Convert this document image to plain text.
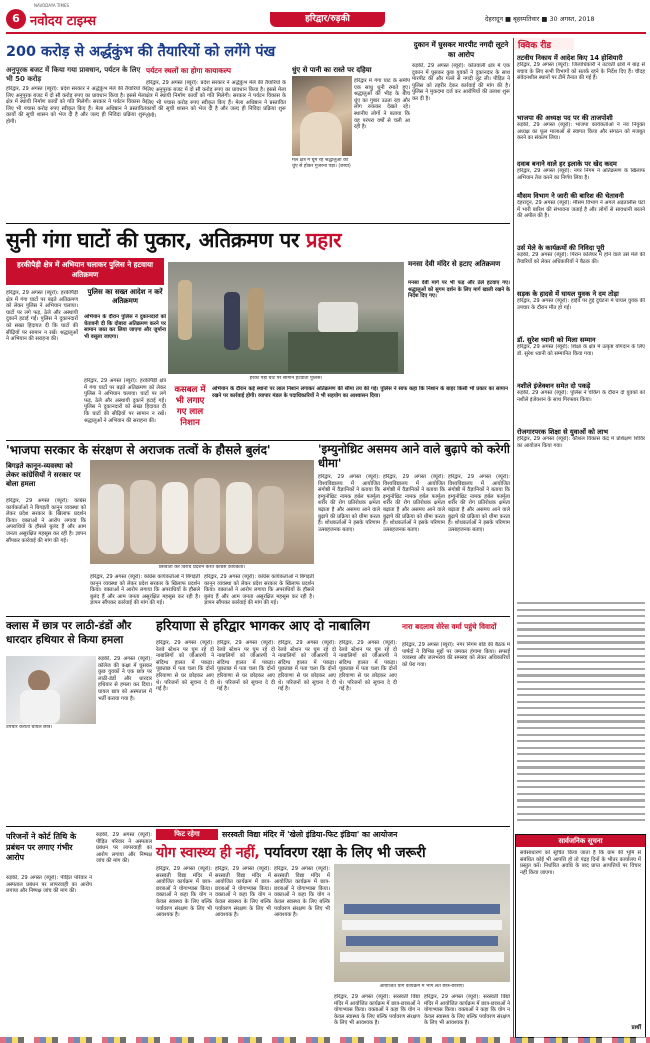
6 नवोदय टाइम्स
NAVODAYA TIMES
हरिद्वार/रुड़की	देहरादून ■ बृहस्पतिवार ■ 30 अगस्त, 2018
200 करोड़ से अर्द्धकुंभ की तैयारियों को लगेंगे पंख
अनुपूरक बजट में किया गया प्रावधान, पर्यटन के लिए भी 50 करोड़
पर्यटन स्थलों का होगा कायाकल्प
हरिद्वार, 29 अगस्त (ब्यूरो): प्रदेश सरकार ने अर्द्धकुंभ मेले की तैयारियों के लिए अनुपूरक बजट में दो सौ करोड़ रुपए का प्रावधान किया है। इससे मेला क्षेत्र में स्थायी निर्माण कार्यों को गति मिलेगी। सरकार ने पर्यटन विकास के लिए भी पचास करोड़ रुपए स्वीकृत किए हैं। मेला अधिष्ठान ने प्रस्तावित कार्यों की सूची शासन को भेज दी है और जल्द ही निविदा प्रक्रिया शुरू होगी।
हरिद्वार, 29 अगस्त (ब्यूरो): प्रदेश सरकार ने अर्द्धकुंभ मेले की तैयारियों के लिए अनुपूरक बजट में दो सौ करोड़ रुपए का प्रावधान किया है। इससे मेला क्षेत्र में स्थायी निर्माण कार्यों को गति मिलेगी। सरकार ने पर्यटन विकास के लिए भी पचास करोड़ रुपए स्वीकृत किए हैं। मेला अधिष्ठान ने प्रस्तावित कार्यों की सूची शासन को भेज दी है और जल्द ही निविदा प्रक्रिया शुरू होगी।
धुंए से पानी का रास्ते पर दहिया
हरिद्वार में गंगा घाट के समीप एक साधु धूनी रमाते हुए। श्रद्धालुओं की भीड़ के बीच धुंए का गुबार उठता रहा और लोग रुककर देखते रहे। स्थानीय लोगों ने बताया कि यह परंपरा वर्षों से चली आ रही है।
मेले क्षेत्र में घूम रहे श्रद्धालुओं को धुंए से होकर गुजरना पड़ा। (छाया)
दुकान में घुसकर मारपीट नगदी लूटने का आरोप
रुड़की, 29 अगस्त (ब्यूरो): कोतवाली क्षेत्र में एक दुकान में घुसकर कुछ युवकों ने दुकानदार के साथ मारपीट की और गल्ले से नगदी लूट ली। पीड़ित ने पुलिस को तहरीर देकर कार्रवाई की मांग की है। पुलिस ने मुकदमा दर्ज कर आरोपियों की तलाश शुरू कर दी है।
क्विक रीड
तटवीय निकाय में आदेश किए 14 होशियारी
हरिद्वार, 29 अगस्त (ब्यूरो): जिलाधिकारी ने तटवर्ती क्षेत्रों में बाढ़ से बचाव के लिए सभी विभागों को सतर्क रहने के निर्देश दिए हैं। चौदह संवेदनशील स्थानों पर टीमें तैनात की गई हैं।
भाजपा की अध्यक्ष पद पर की ताजपोशी
रुड़की, 29 अगस्त (ब्यूरो): भाजपा कार्यकर्ताओं ने नव नियुक्त अध्यक्ष का फूल मालाओं से स्वागत किया और संगठन को मजबूत करने का संकल्प लिया।
दवाब बनाने वाले हर इलाके पर खेद कदम
हरिद्वार, 29 अगस्त (ब्यूरो): नगर निगम ने अतिक्रमण के खिलाफ अभियान तेज करने का निर्णय लिया है।
मौसम विभाग ने जारी की बारिश की चेतावनी
देहरादून, 29 अगस्त (ब्यूरो): मौसम विभाग ने अगले अड़तालीस घंटों में भारी बारिश की संभावना जताई है और लोगों से सावधानी बरतने की अपील की है।
उर्स मेले के कार्यक्रमों की निविदा पूरी
रुड़की, 29 अगस्त (ब्यूरो): पिरान कलियर में होने वाले उर्स मेले की तैयारियों को लेकर अधिकारियों ने बैठक की।
सड़क के हादसे में घायल युवक ने दम तोड़ा
हरिद्वार, 29 अगस्त (ब्यूरो): हाईवे पर हुई दुर्घटना में घायल युवक की उपचार के दौरान मौत हो गई।
डॉ. सुरेश ध्यानी को मिला सम्मान
हरिद्वार, 29 अगस्त (ब्यूरो): शिक्षा के क्षेत्र में उत्कृष्ट योगदान के लिए डॉ. सुरेश ध्यानी को सम्मानित किया गया।
नशीले इंजेक्शन समेत दो पकड़े
रुड़की, 29 अगस्त (ब्यूरो): पुलिस ने चेकिंग के दौरान दो युवकों को नशीले इंजेक्शन के साथ गिरफ्तार किया।
रोजगारपरक शिक्षा से युवाओं को लाभ
हरिद्वार, 29 अगस्त (ब्यूरो): कौशल विकास केंद्र में प्रशिक्षण शिविर का आयोजन किया गया।
सुनी गंगा घाटों की पुकार, अतिक्रमण पर प्रहार
हरकीपैड़ी क्षेत्र में अभियान चलाकर पुलिस ने हटवाया अतिक्रमण
हरिद्वार, 29 अगस्त (ब्यूरो): हरकीपैड़ी क्षेत्र में गंगा घाटों पर बढ़ते अतिक्रमण को लेकर पुलिस ने अभियान चलाया। घाटों पर लगे फड़, ठेले और अस्थायी दुकानें हटाई गईं। पुलिस ने दुकानदारों को सख्त हिदायत दी कि घाटों की सीढ़ियों पर सामान न रखें। श्रद्धालुओं ने अभियान की सराहना की।
पुलिस का सख्त आदेश न करें अतिक्रमण
अभियान के दौरान पुलिस ने दुकानदारों को चेतावनी दी कि दोबारा अतिक्रमण करने पर सामान जब्त कर लिया जाएगा और जुर्माना भी वसूला जाएगा।
हरिद्वार, 29 अगस्त (ब्यूरो): हरकीपैड़ी क्षेत्र में गंगा घाटों पर बढ़ते अतिक्रमण को लेकर पुलिस ने अभियान चलाया। घाटों पर लगे फड़, ठेले और अस्थायी दुकानें हटाई गईं। पुलिस ने दुकानदारों को सख्त हिदायत दी कि घाटों की सीढ़ियों पर सामान न रखें। श्रद्धालुओं ने अभियान की सराहना की।
हरकी पैड़ी घाट पर सामान हटवाती पुलिस।
मनसा देवी मंदिर से हटाए अतिक्रमण
मनसा देवी मार्ग पर भी फड़ और ठेले हटवाए गए। श्रद्धालुओं को सुगम दर्शन के लिए मार्ग खाली रखने के निर्देश दिए गए।
कसबल में भी लगाए गए लाल निशान
अभियान के दौरान कई स्थानों पर लाल निशान लगाकर अतिक्रमण की सीमा तय की गई। पुलिस ने साफ कहा कि निशान के बाहर किसी भी प्रकार का सामान रखने पर कार्रवाई होगी। व्यापार मंडल के पदाधिकारियों ने भी सहयोग का आश्वासन दिया।
'भाजपा सरकार के संरक्षण से अराजक तत्वों के हौसले बुलंद'
बिगड़ते कानून-व्यवस्था को लेकर कांग्रेसियों ने सरकार पर बोला हमला
हरिद्वार, 29 अगस्त (ब्यूरो): कांग्रेस कार्यकर्ताओं ने बिगड़ती कानून व्यवस्था को लेकर प्रदेश सरकार के खिलाफ प्रदर्शन किया। वक्ताओं ने आरोप लगाया कि अपराधियों के हौसले बुलंद हैं और आम जनता असुरक्षित महसूस कर रही है। ज्ञापन सौंपकर कार्रवाई की मांग की गई।
प्रेसवार्ता कर विरोध प्रदर्शन करते कांग्रेस कार्यकर्ता।
हरिद्वार, 29 अगस्त (ब्यूरो): कांग्रेस कार्यकर्ताओं ने बिगड़ती कानून व्यवस्था को लेकर प्रदेश सरकार के खिलाफ प्रदर्शन किया। वक्ताओं ने आरोप लगाया कि अपराधियों के हौसले बुलंद हैं और आम जनता असुरक्षित महसूस कर रही है। ज्ञापन सौंपकर कार्रवाई की मांग की गई।
हरिद्वार, 29 अगस्त (ब्यूरो): कांग्रेस कार्यकर्ताओं ने बिगड़ती कानून व्यवस्था को लेकर प्रदेश सरकार के खिलाफ प्रदर्शन किया। वक्ताओं ने आरोप लगाया कि अपराधियों के हौसले बुलंद हैं और आम जनता असुरक्षित महसूस कर रही है। ज्ञापन सौंपकर कार्रवाई की मांग की गई।
'इम्युनोथ्रिट असमय आने वाले बुढ़ापे को करेगी धीमा'
हरिद्वार, 29 अगस्त (ब्यूरो): विश्वविद्यालय में आयोजित संगोष्ठी में वैज्ञानिकों ने बताया कि इम्युनोथ्रिट नामक हर्बल फार्मूला शरीर की रोग प्रतिरोधक क्षमता बढ़ाता है और असमय आने वाले बुढ़ापे की प्रक्रिया को धीमा करता है। शोधकर्ताओं ने इसके परिणाम उत्साहजनक बताए।
हरिद्वार, 29 अगस्त (ब्यूरो): विश्वविद्यालय में आयोजित संगोष्ठी में वैज्ञानिकों ने बताया कि इम्युनोथ्रिट नामक हर्बल फार्मूला शरीर की रोग प्रतिरोधक क्षमता बढ़ाता है और असमय आने वाले बुढ़ापे की प्रक्रिया को धीमा करता है। शोधकर्ताओं ने इसके परिणाम उत्साहजनक बताए।
हरिद्वार, 29 अगस्त (ब्यूरो): विश्वविद्यालय में आयोजित संगोष्ठी में वैज्ञानिकों ने बताया कि इम्युनोथ्रिट नामक हर्बल फार्मूला शरीर की रोग प्रतिरोधक क्षमता बढ़ाता है और असमय आने वाले बुढ़ापे की प्रक्रिया को धीमा करता है। शोधकर्ताओं ने इसके परिणाम उत्साहजनक बताए।
क्लास में छात्र पर लाठी-डंडों और धारदार हथियार से किया हमला
उपचार कराता घायल छात्र।
रुड़की, 29 अगस्त (ब्यूरो): कॉलेज की कक्षा में घुसकर कुछ युवकों ने एक छात्र पर लाठी-डंडों और धारदार हथियार से हमला कर दिया। घायल छात्र को अस्पताल में भर्ती कराया गया है।
हरियाणा से हरिद्वार भागकर आए दो नाबालिग
हरिद्वार, 29 अगस्त (ब्यूरो): रेलवे स्टेशन पर घूम रहे दो नाबालिगों को जीआरपी ने संदिग्ध हालत में पकड़ा। पूछताछ में पता चला कि दोनों हरियाणा से घर छोड़कर आए थे। परिजनों को सूचना दे दी गई है।
हरिद्वार, 29 अगस्त (ब्यूरो): रेलवे स्टेशन पर घूम रहे दो नाबालिगों को जीआरपी ने संदिग्ध हालत में पकड़ा। पूछताछ में पता चला कि दोनों हरियाणा से घर छोड़कर आए थे। परिजनों को सूचना दे दी गई है।
हरिद्वार, 29 अगस्त (ब्यूरो): रेलवे स्टेशन पर घूम रहे दो नाबालिगों को जीआरपी ने संदिग्ध हालत में पकड़ा। पूछताछ में पता चला कि दोनों हरियाणा से घर छोड़कर आए थे। परिजनों को सूचना दे दी गई है।
हरिद्वार, 29 अगस्त (ब्यूरो): रेलवे स्टेशन पर घूम रहे दो नाबालिगों को जीआरपी ने संदिग्ध हालत में पकड़ा। पूछताछ में पता चला कि दोनों हरियाणा से घर छोड़कर आए थे। परिजनों को सूचना दे दी गई है।
नारा बदलाव सेरेस वर्मा पहुंचे विवादों
हरिद्वार, 29 अगस्त (ब्यूरो): नगर निगम बोर्ड की बैठक में पार्षदों ने विभिन्न मुद्दों पर जमकर हंगामा किया। सफाई व्यवस्था और जलभराव की समस्या को लेकर अधिकारियों को घेरा गया।
परिजनों ने कोर्ट तिथि के प्रबंधन पर लगाए गंभीर आरोप
रुड़की, 29 अगस्त (ब्यूरो): पीड़ित परिवार ने अस्पताल प्रबंधन पर लापरवाही का आरोप लगाया और निष्पक्ष जांच की मांग की।
रुड़की, 29 अगस्त (ब्यूरो): पीड़ित परिवार ने अस्पताल प्रबंधन पर लापरवाही का आरोप लगाया और निष्पक्ष जांच की मांग की।
फिट रहेगा	सरस्वती विद्या मंदिर में 'खेलो इंडिया-फिट इंडिया' का आयोजन
योग स्वास्थ्य ही नहीं, पर्यावरण रक्षा के लिए भी जरूरी
हरिद्वार, 29 अगस्त (ब्यूरो): सरस्वती विद्या मंदिर में आयोजित कार्यक्रम में छात्र-छात्राओं ने योगाभ्यास किया। वक्ताओं ने कहा कि योग न केवल स्वास्थ्य के लिए बल्कि पर्यावरण संरक्षण के लिए भी आवश्यक है।
हरिद्वार, 29 अगस्त (ब्यूरो): सरस्वती विद्या मंदिर में आयोजित कार्यक्रम में छात्र-छात्राओं ने योगाभ्यास किया। वक्ताओं ने कहा कि योग न केवल स्वास्थ्य के लिए बल्कि पर्यावरण संरक्षण के लिए भी आवश्यक है।
हरिद्वार, 29 अगस्त (ब्यूरो): सरस्वती विद्या मंदिर में आयोजित कार्यक्रम में छात्र-छात्राओं ने योगाभ्यास किया। वक्ताओं ने कहा कि योग न केवल स्वास्थ्य के लिए बल्कि पर्यावरण संरक्षण के लिए भी आवश्यक है।
आयोजित योग कार्यक्रम में भाग लेते छात्र-छात्राएं।
हरिद्वार, 29 अगस्त (ब्यूरो): सरस्वती विद्या मंदिर में आयोजित कार्यक्रम में छात्र-छात्राओं ने योगाभ्यास किया। वक्ताओं ने कहा कि योग न केवल स्वास्थ्य के लिए बल्कि पर्यावरण संरक्षण के लिए भी आवश्यक है।
हरिद्वार, 29 अगस्त (ब्यूरो): सरस्वती विद्या मंदिर में आयोजित कार्यक्रम में छात्र-छात्राओं ने योगाभ्यास किया। वक्ताओं ने कहा कि योग न केवल स्वास्थ्य के लिए बल्कि पर्यावरण संरक्षण के लिए भी आवश्यक है।
सार्वजनिक सूचना
सर्वसाधारण को सूचित किया जाता है कि ग्राम की भूमि से संबंधित कोई भी आपत्ति हो तो पंद्रह दिनों के भीतर कार्यालय में प्रस्तुत करें। निर्धारित अवधि के बाद प्राप्त आपत्तियों पर विचार नहीं किया जाएगा।
प्रार्थी
